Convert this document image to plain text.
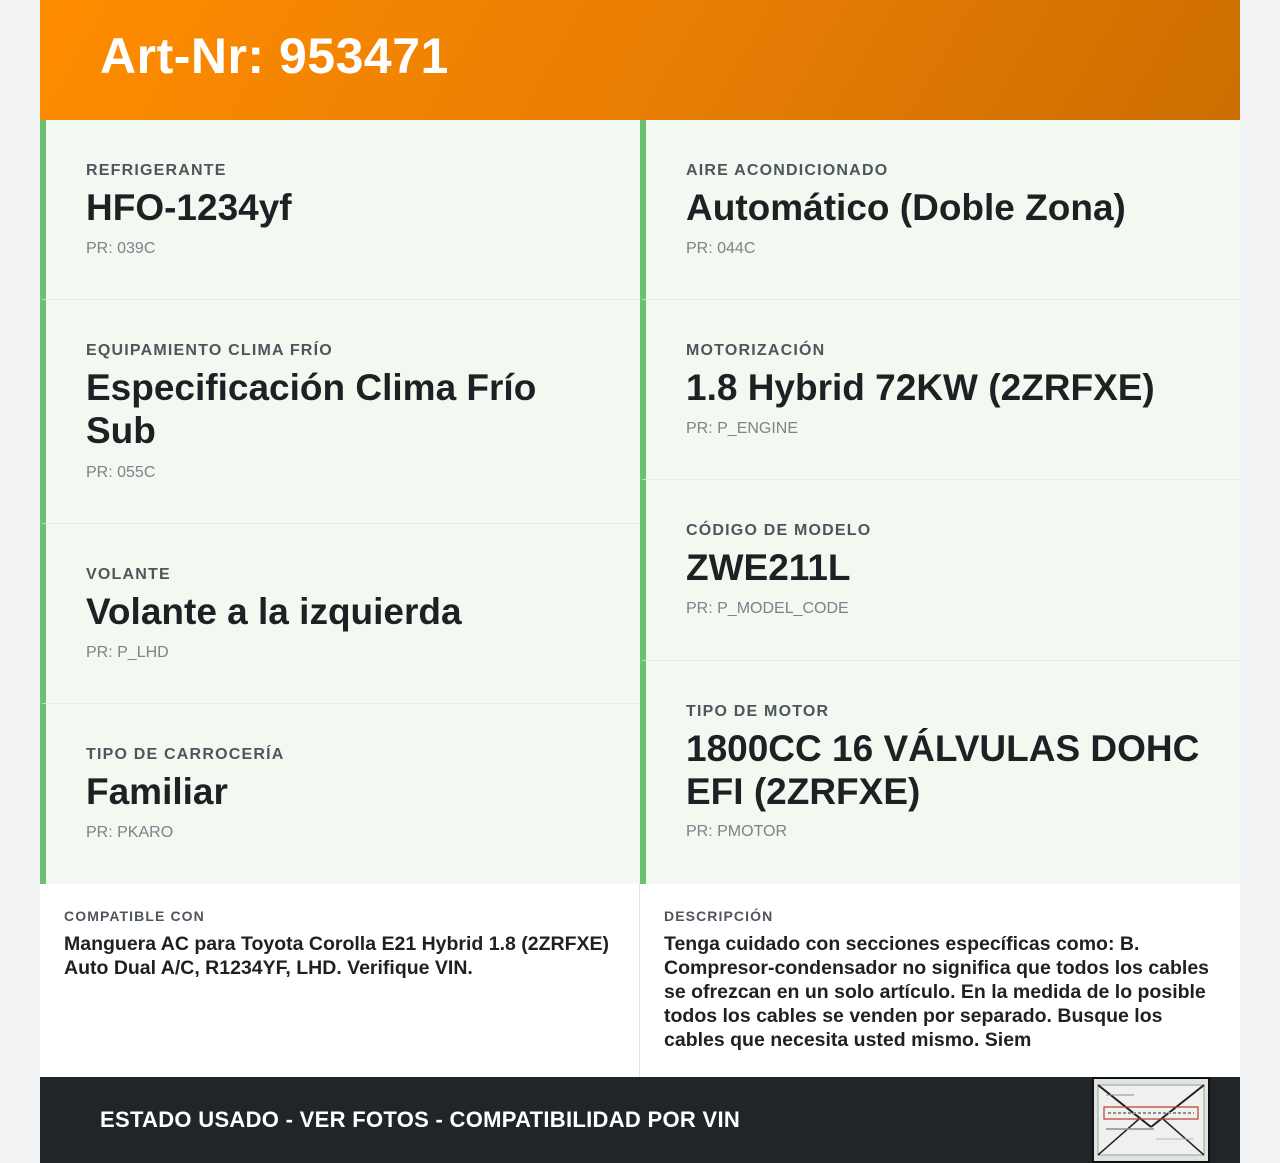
Art-Nr: 953471
REFRIGERANTE
HFO-1234yf
PR: 039C
EQUIPAMIENTO CLIMA FRÍO
Especificación Clima Frío Sub
PR: 055C
VOLANTE
Volante a la izquierda
PR: P_LHD
TIPO DE CARROCERÍA
Familiar
PR: PKARO
AIRE ACONDICIONADO
Automático (Doble Zona)
PR: 044C
MOTORIZACIÓN
1.8 Hybrid 72KW (2ZRFXE)
PR: P_ENGINE
CÓDIGO DE MODELO
ZWE211L
PR: P_MODEL_CODE
TIPO DE MOTOR
1800CC 16 VÁLVULAS DOHC EFI (2ZRFXE)
PR: PMOTOR
COMPATIBLE CON
Manguera AC para Toyota Corolla E21 Hybrid 1.8 (2ZRFXE) Auto Dual A/C, R1234YF, LHD. Verifique VIN.
DESCRIPCIÓN
Tenga cuidado con secciones específicas como: B. Compresor-condensador no significa que todos los cables se ofrezcan en un solo artículo. En la medida de lo posible todos los cables se venden por separado. Busque los cables que necesita usted mismo. Siem
ESTADO USADO - VER FOTOS - COMPATIBILIDAD POR VIN
